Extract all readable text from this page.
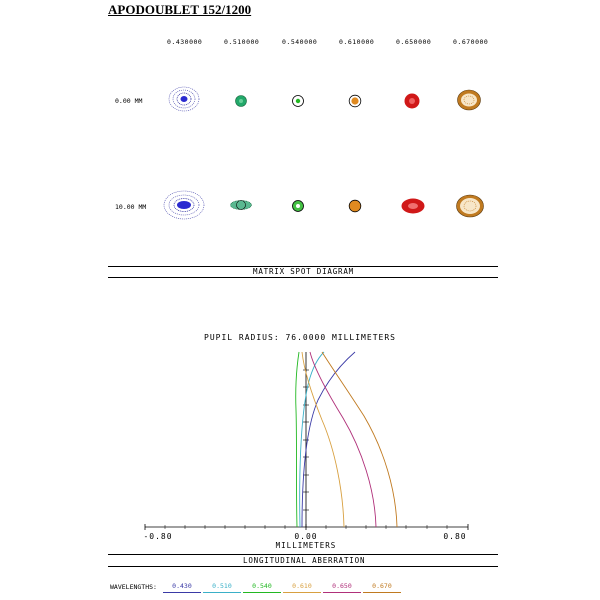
APODOUBLET 152/1200
0.430000	0.510000	0.540000	0.610000	0.650000	0.670000
0.00 MM
10.00 MM
MATRIX SPOT DIAGRAM
PUPIL RADIUS: 76.0000 MILLIMETERS
-0.80	0.00	0.80
MILLIMETERS
LONGITUDINAL ABERRATION
WAVELENGTHS:	0.430	0.510	0.540	0.610	0.650	0.670
